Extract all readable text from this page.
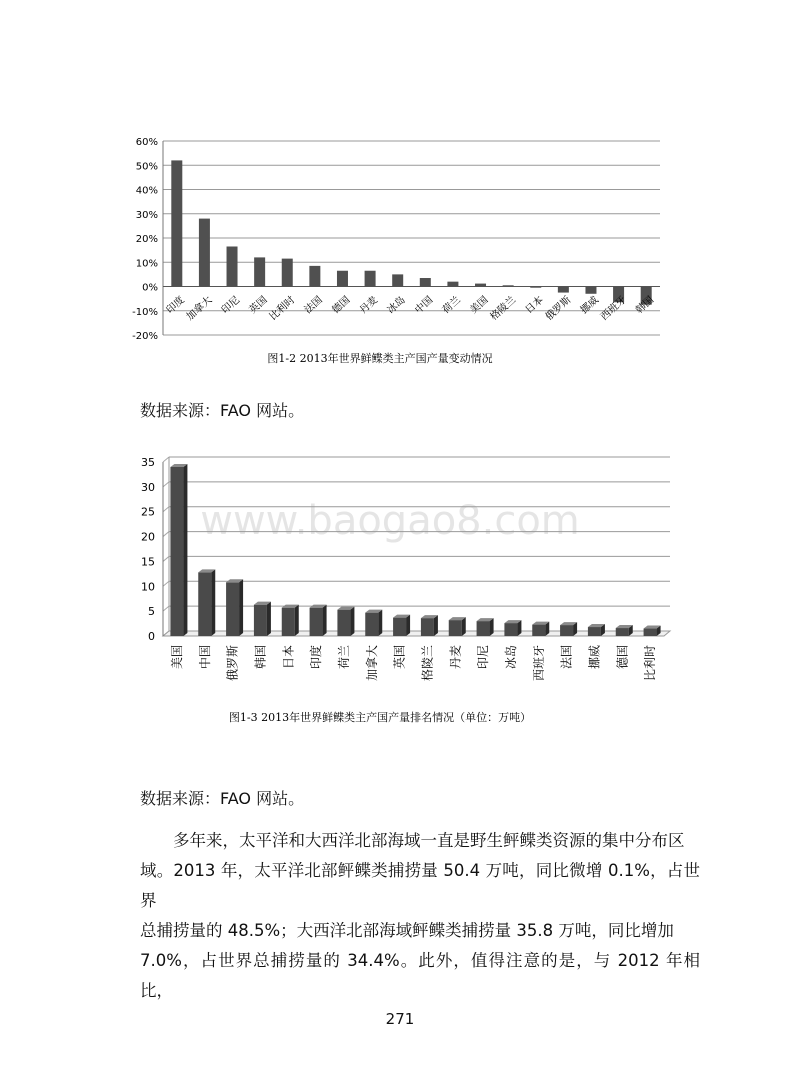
-20%
-10%
0%
10%
20%
30%
40%
50%
60%
印度
加拿大 印尼 英国
比利时 法国 德国 丹麦 冰岛 中国 荷兰 美国
格陵兰 日本
俄罗斯 挪威
西班牙 韩国
图1-2 2013年世界鲜鲽类主产国产量变动情况
数据来源：FAO 网站。
www.baogao8.com
0
5
10
15
20
25
30
35
美国 中国 俄罗斯 韩国 日本 印度 荷兰 加拿大 英国 格陵兰 丹麦 印尼 冰岛 西班牙 法国 挪威 德国 比利时
图1-3 2013年世界鲜鲽类主产国产量排名情况（单位：万吨）
数据来源：FAO 网站。

多年来，太平洋和大西洋北部海域一直是野生鲆鲽类资源的集中分布区
域。2013 年，太平洋北部鲆鲽类捕捞量 50.4 万吨，同比微增 0.1%，占世界
总捕捞量的 48.5%；大西洋北部海域鲆鲽类捕捞量 35.8 万吨，同比增加
7.0%，占世界总捕捞量的 34.4%。此外，值得注意的是，与 2012 年相比，

271
